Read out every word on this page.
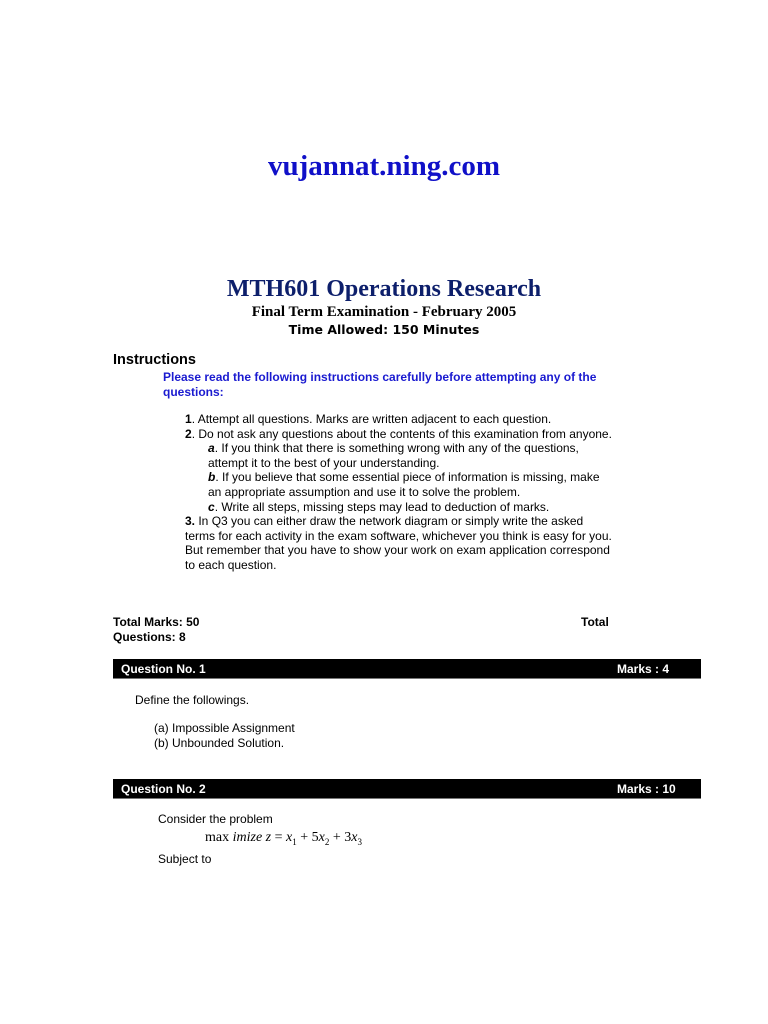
vujannat.ning.com
MTH601 Operations Research
Final Term Examination - February 2005
Time Allowed: 150 Minutes
Instructions
Please read the following instructions carefully before attempting any of the questions:
1. Attempt all questions. Marks are written adjacent to each question.
2. Do not ask any questions about the contents of this examination from anyone.
a. If you think that there is something wrong with any of the questions, attempt it to the best of your understanding.
b. If you believe that some essential piece of information is missing, make an appropriate assumption and use it to solve the problem.
c. Write all steps, missing steps may lead to deduction of marks.
3. In Q3 you can either draw the network diagram or simply write the asked terms for each activity in the exam software, whichever you think is easy for you. But remember that you have to show your work on exam application correspond to each question.
Total Marks: 50
Questions: 8
Total
Question No. 1	Marks : 4
Define the followings.
(a) Impossible Assignment
(b) Unbounded Solution.
Question No. 2	Marks : 10
Consider the problem
max imize $z = x_1 + 5x_2 + 3x_3$
Subject to
